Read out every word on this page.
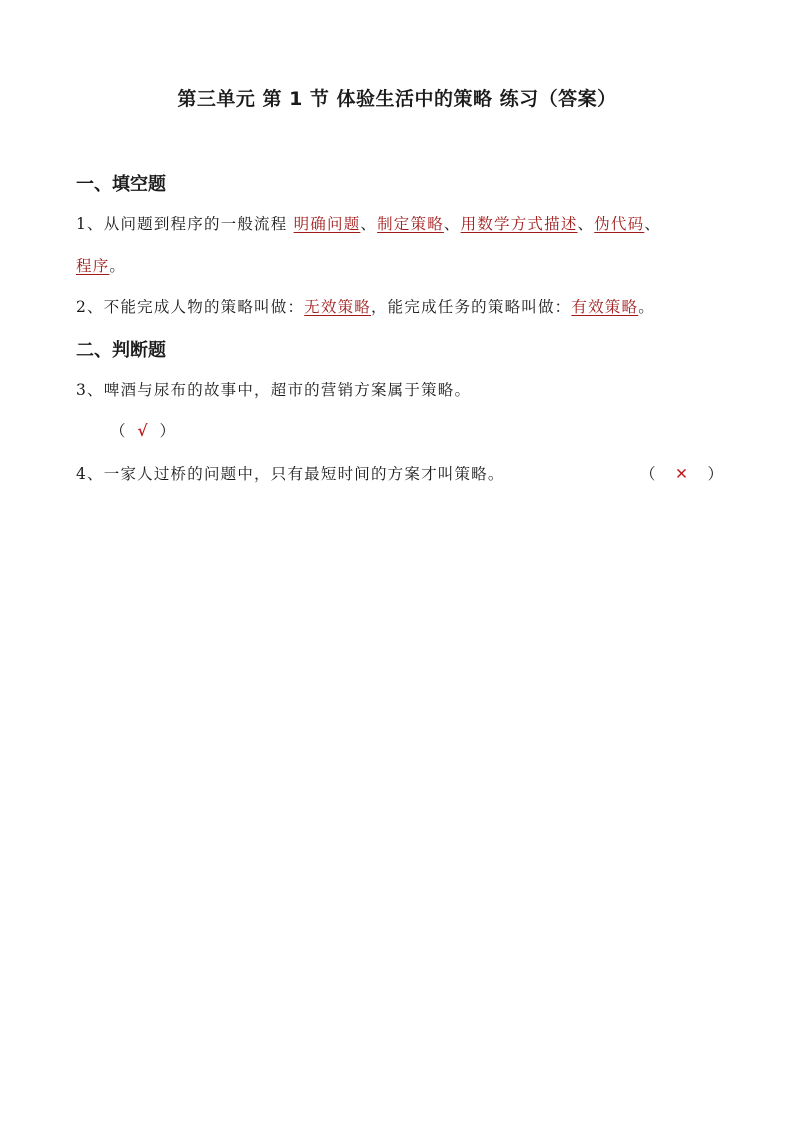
第三单元 第 1 节 体验生活中的策略 练习（答案）
一、填空题
1、从问题到程序的一般流程 明确问题、制定策略、用数学方式描述、伪代码、
程序。
2、不能完成人物的策略叫做：无效策略，能完成任务的策略叫做：有效策略。
二、判断题
3、啤酒与尿布的故事中，超市的营销方案属于策略。
（ √ ）
4、一家人过桥的问题中，只有最短时间的方案才叫策略。	（ ✕ ）
